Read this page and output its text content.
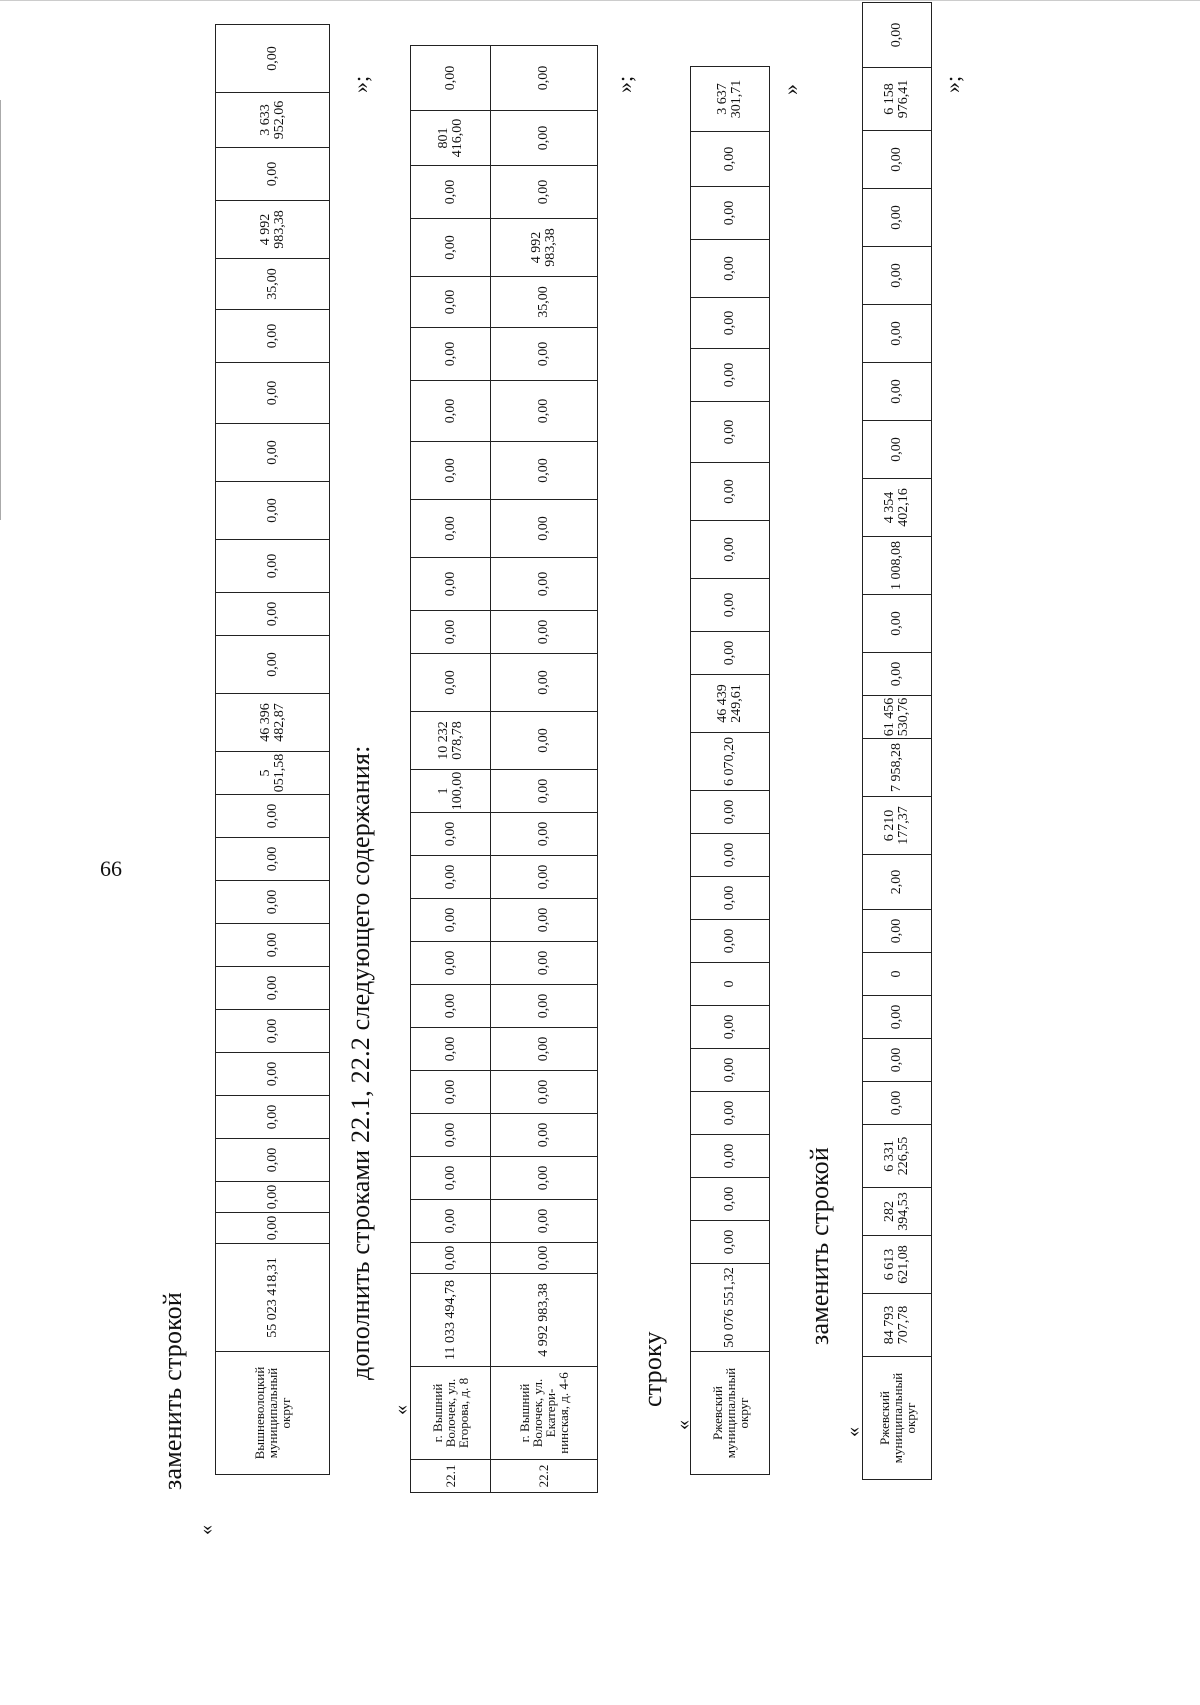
66
заменить строкой
«
Вышневолоцкий муниципальный округ	55 023 418,31	0,00	0,00	0,00	0,00	0,00	0,00	0,00	0,00	0,00	0,00	0,00	5 051,58	46 396 482,87	0,00	0,00	0,00	0,00	0,00	0,00	0,00	35,00	4 992 983,38	0,00	3 633 952,06	0,00
»;
дополнить строками 22.1, 22.2 следующего содержания:
«
22.1	г. Вышний Волочек, ул. Егорова, д. 8	11 033 494,78	0,00	0,00	0,00	0,00	0,00	0,00	0,00	0,00	0,00	0,00	0,00	1 100,00	10 232 078,78	0,00	0,00	0,00	0,00	0,00	0,00	0,00	0,00	0,00	0,00	801 416,00	0,00
22.2	г. Вышний Волочек, ул. Екатери-нинская, д. 4-6	4 992 983,38	0,00	0,00	0,00	0,00	0,00	0,00	0,00	0,00	0,00	0,00	0,00	0,00	0,00	0,00	0,00	0,00	0,00	0,00	0,00	0,00	35,00	4 992 983,38	0,00	0,00	0,00	»;
строку
« Ржевский муниципальный округ	50 076 551,32	0,00	0,00	0,00	0,00	0,00	0,00	0	0,00	0,00	0,00	0,00	6 070,20	46 439 249,61	0,00	0,00	0,00	0,00	0,00	0,00	0,00	0,00	0,00	0,00	3 637 301,71	»
заменить строкой
« Ржевский муниципальный округ	84 793 707,78	6 613 621,08	282 394,53	6 331 226,55	0,00	0,00	0,00	0	0,00	2,00	6 210 177,37	7 958,28	61 456 530,76	0,00	0,00	1 008,08	4 354 402,16	0,00	0,00	0,00	0,00	0,00	0,00	6 158 976,41	0,00
»;
